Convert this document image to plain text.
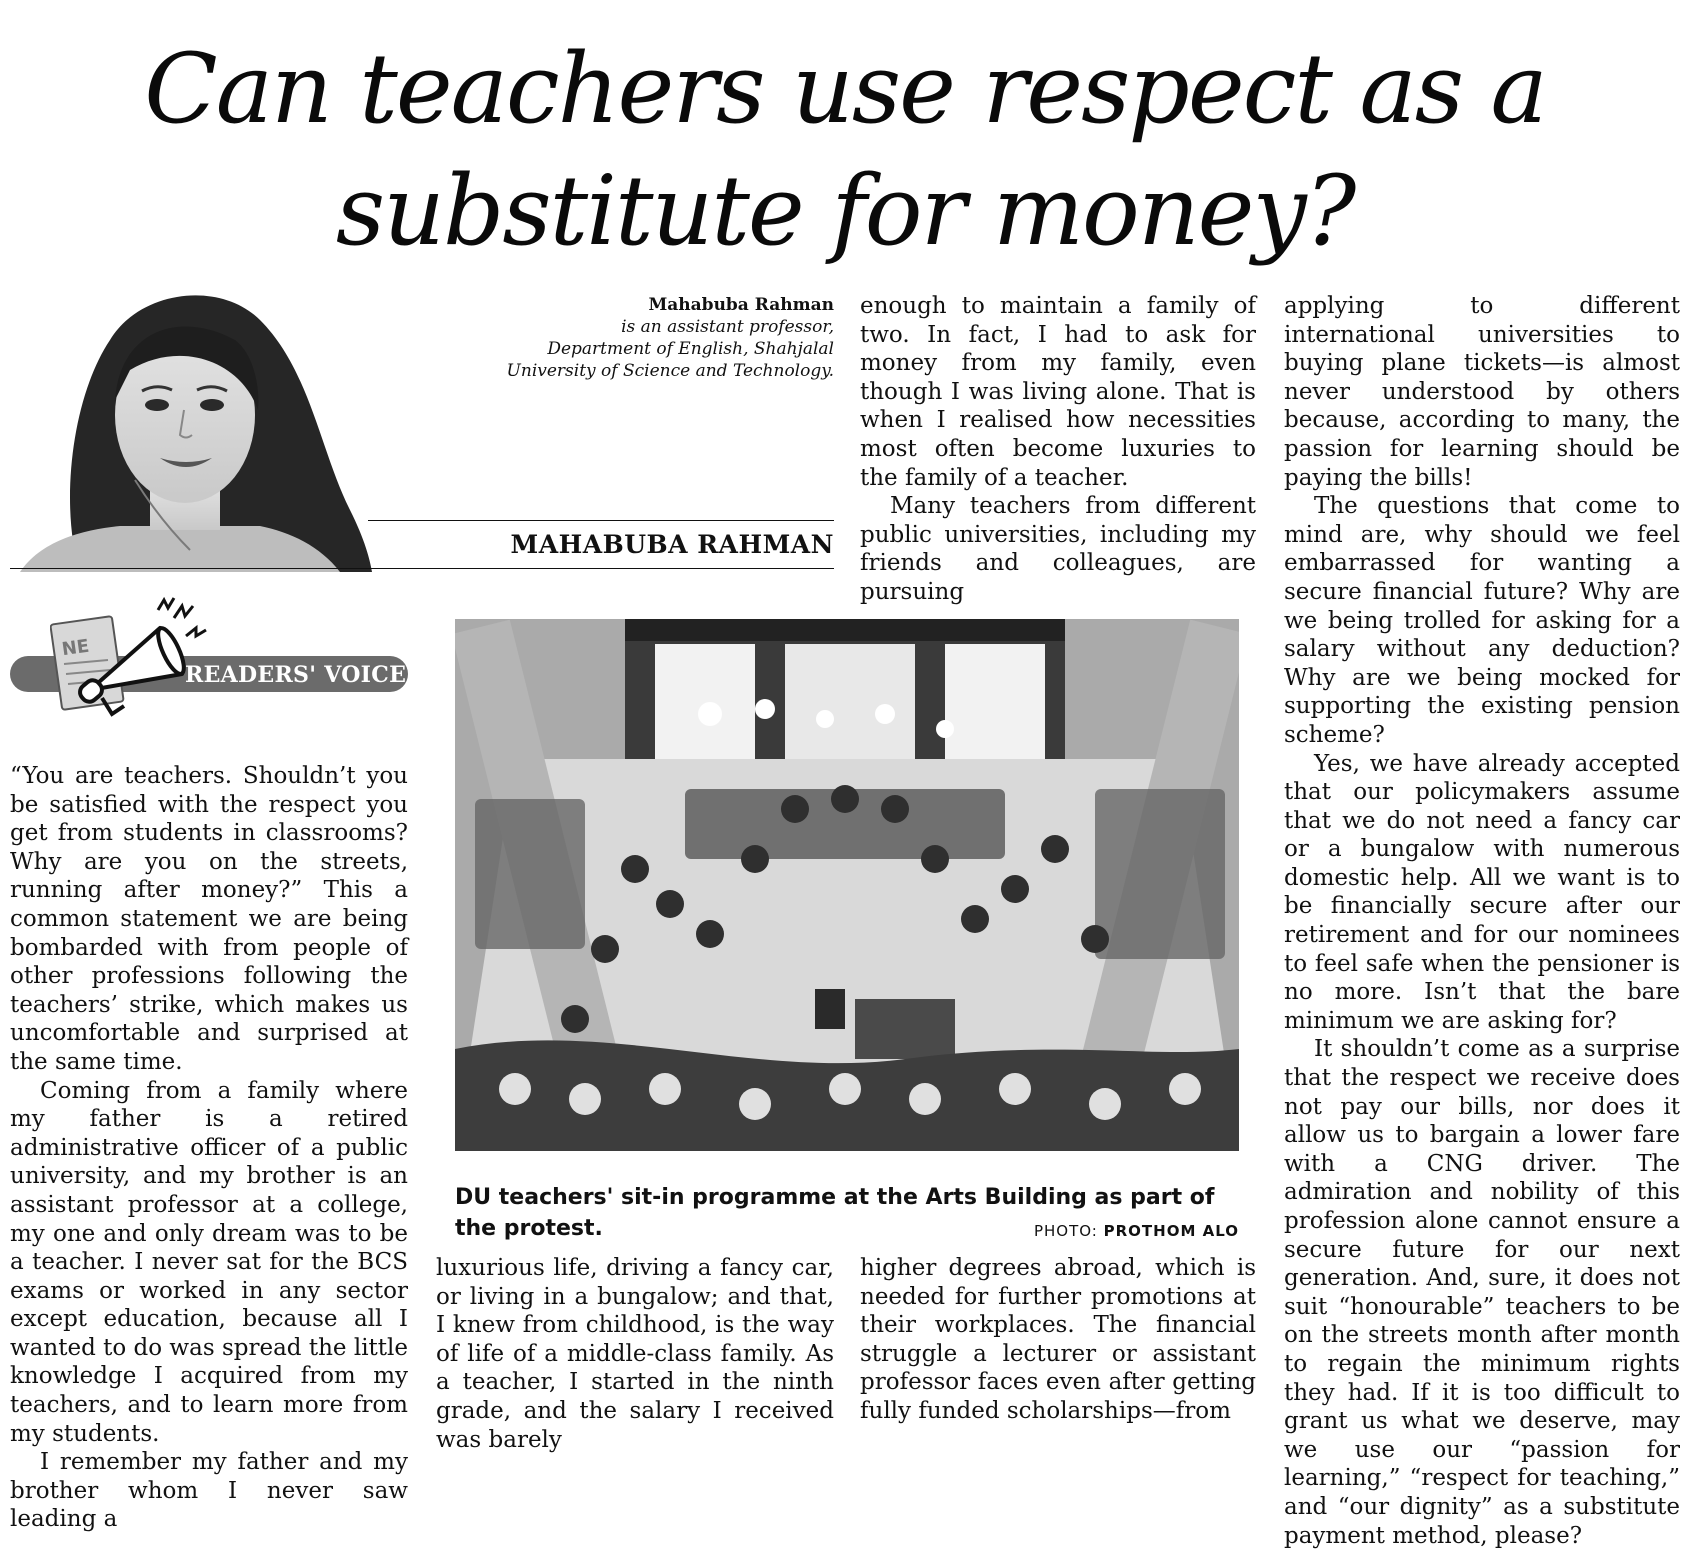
Can teachers use respect as a
substitute for money?
Mahabuba Rahman
is an assistant professor,
Department of English, Shahjalal
University of Science and Technology.
MAHABUBA RAHMAN

enough to maintain a family of two. In fact, I had to ask for money from my family, even though I was living alone. That is when I realised how necessities most often become luxuries to the family of a teacher.

Many teachers from different public universities, including my friends and colleagues, are pursuing

applying to different international universities to buying plane tickets—is almost never understood by others because, according to many, the passion for learning should be paying the bills!

The questions that come to mind are, why should we feel embarrassed for wanting a secure financial future? Why are we being trolled for asking for a salary without any deduction? Why are we being mocked for supporting the existing pension scheme?

Yes, we have already accepted that our policymakers assume that we do not need a fancy car or a bungalow with numerous domestic help. All we want is to be financially secure after our retirement and for our nominees to feel safe when the pensioner is no more. Isn’t that the bare minimum we are asking for?

It shouldn’t come as a surprise that the respect we receive does not pay our bills, nor does it allow us to bargain a lower fare with a CNG driver. The admiration and nobility of this profession alone cannot ensure a secure future for our next generation. And, sure, it does not suit “honourable” teachers to be on the streets month after month to regain the minimum rights they had. If it is too difficult to grant us what we deserve, may we use our “passion for learning,” “respect for teaching,” and “our dignity” as a substitute payment method, please?

NE
READERS' VOICE

“You are teachers. Shouldn’t you be satisfied with the respect you get from students in classrooms? Why are you on the streets, running after money?” This a common statement we are being bombarded with from people of other professions following the teachers’ strike, which makes us uncomfortable and surprised at the same time.

Coming from a family where my father is a retired administrative officer of a public university, and my brother is an assistant professor at a college, my one and only dream was to be a teacher. I never sat for the BCS exams or worked in any sector except education, because all I wanted to do was spread the little knowledge I acquired from my teachers, and to learn more from my students.

I remember my father and my brother whom I never saw leading a

DU teachers' sit-in programme at the Arts Building as part of the protest.	PHOTO: PROTHOM ALO

luxurious life, driving a fancy car, or living in a bungalow; and that, I knew from childhood, is the way of life of a middle-class family. As a teacher, I started in the ninth grade, and the salary I received was barely

higher degrees abroad, which is needed for further promotions at their workplaces. The financial struggle a lecturer or assistant professor faces even after getting fully funded scholarships—from
